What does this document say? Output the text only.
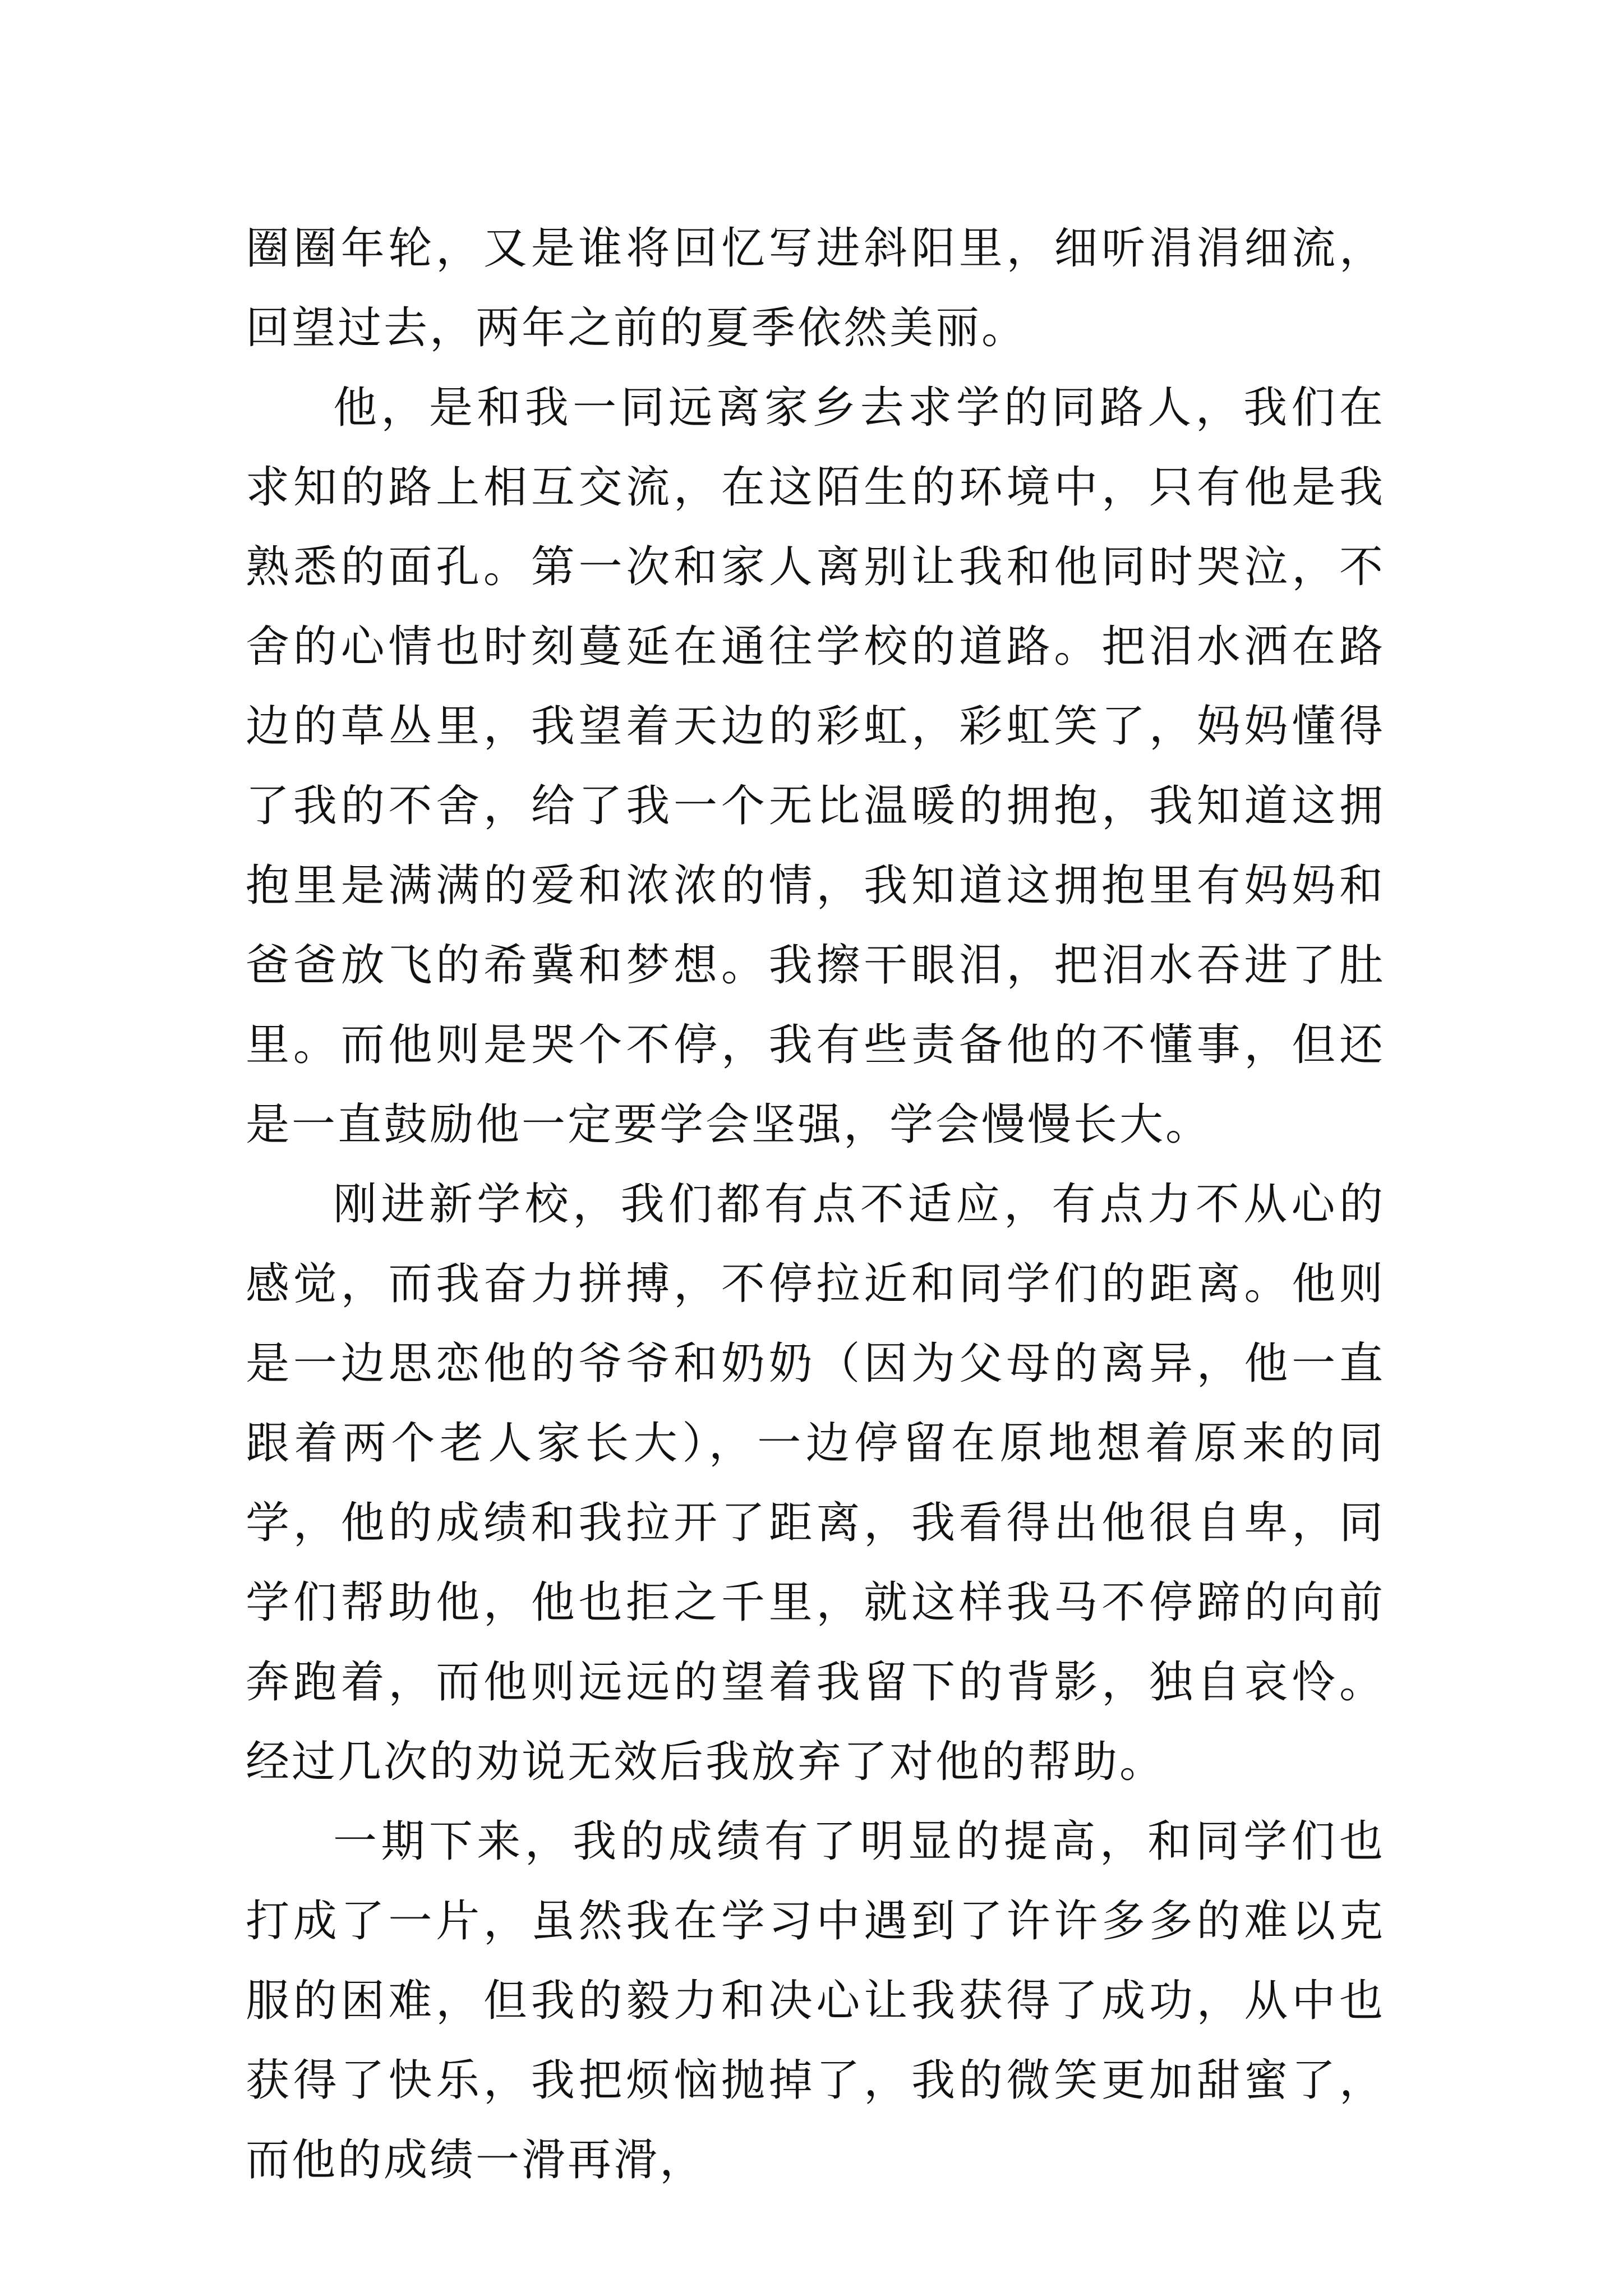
圈圈年轮，又是谁将回忆写进斜阳里，细听涓涓细流，回望过去，两年之前的夏季依然美丽。

他，是和我一同远离家乡去求学的同路人，我们在求知的路上相互交流，在这陌生的环境中，只有他是我熟悉的面孔。第一次和家人离别让我和他同时哭泣，不舍的心情也时刻蔓延在通往学校的道路。把泪水洒在路边的草丛里，我望着天边的彩虹，彩虹笑了，妈妈懂得了我的不舍，给了我一个无比温暖的拥抱，我知道这拥抱里是满满的爱和浓浓的情，我知道这拥抱里有妈妈和爸爸放飞的希冀和梦想。我擦干眼泪，把泪水吞进了肚里。而他则是哭个不停，我有些责备他的不懂事，但还是一直鼓励他一定要学会坚强，学会慢慢长大。

刚进新学校，我们都有点不适应，有点力不从心的感觉，而我奋力拼搏，不停拉近和同学们的距离。他则是一边思恋他的爷爷和奶奶（因为父母的离异，他一直跟着两个老人家长大），一边停留在原地想着原来的同学，他的成绩和我拉开了距离，我看得出他很自卑，同学们帮助他，他也拒之千里，就这样我马不停蹄的向前奔跑着，而他则远远的望着我留下的背影，独自哀怜。经过几次的劝说无效后我放弃了对他的帮助。

一期下来，我的成绩有了明显的提高，和同学们也打成了一片，虽然我在学习中遇到了许许多多的难以克服的困难，但我的毅力和决心让我获得了成功，从中也获得了快乐，我把烦恼抛掉了，我的微笑更加甜蜜了，而他的成绩一滑再滑，
